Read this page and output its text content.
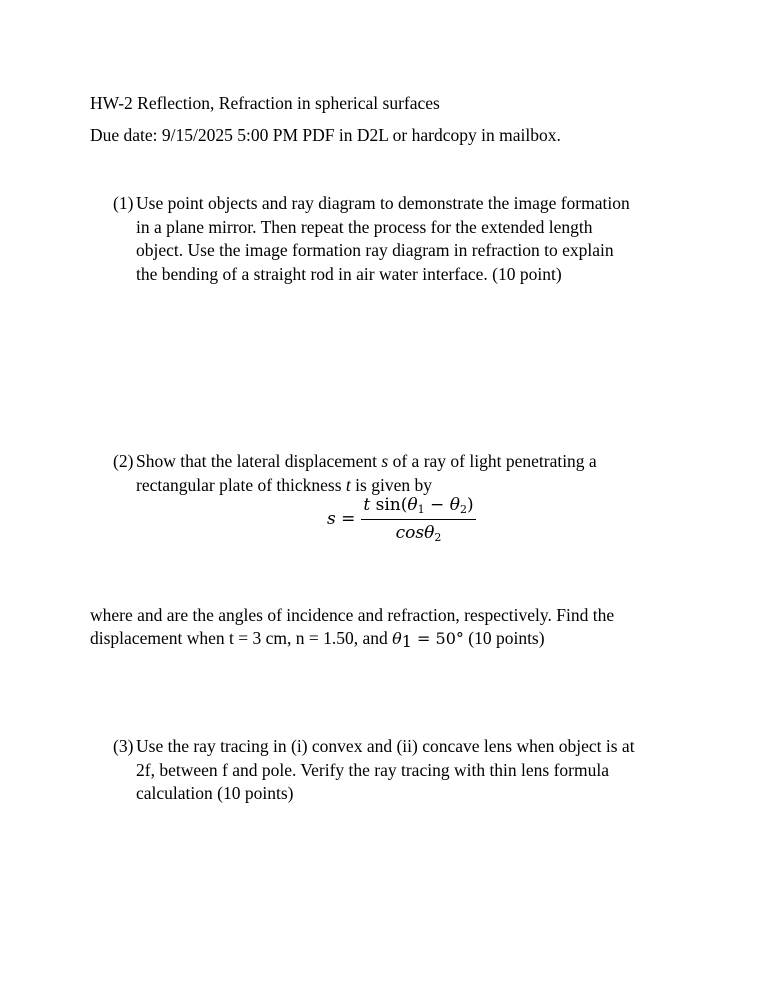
HW-2 Reflection, Refraction in spherical surfaces
Due date: 9/15/2025 5:00 PM PDF in D2L or hardcopy in mailbox.
(1) Use point objects and ray diagram to demonstrate the image formation
in a plane mirror. Then repeat the process for the extended length
object. Use the image formation ray diagram in refraction to explain
the bending of a straight rod in air water interface. (10 point)
(2) Show that the lateral displacement s of a ray of light penetrating a
rectangular plate of thickness t is given by
$s = \frac{t \sin(\theta_1 - \theta_2)}{\cos\theta_2}$
where and are the angles of incidence and refraction, respectively. Find the
displacement when t = 3 cm, n = 1.50, and $\theta_1 = 50^\circ$ (10 points)
(3) Use the ray tracing in (i) convex and (ii) concave lens when object is at
2f, between f and pole. Verify the ray tracing with thin lens formula
calculation (10 points)
